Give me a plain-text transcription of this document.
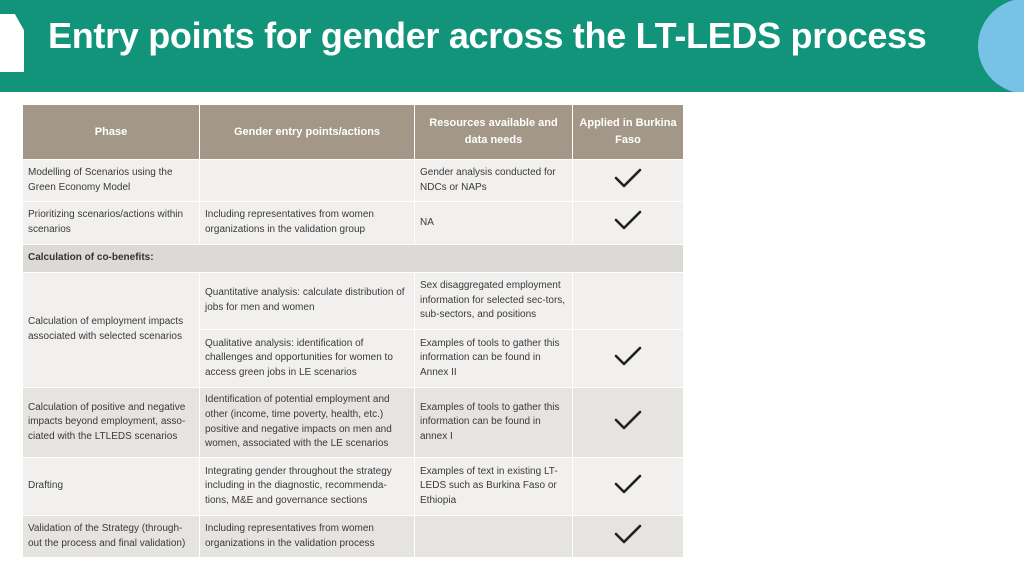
Entry points for gender across the LT-LEDS process
Phase	Gender entry points/actions	Resources available and data needs	Applied in Burkina Faso
Modelling of Scenarios using the Green Economy Model		Gender analysis conducted for NDCs or NAPs	
Prioritizing scenarios/actions within scenarios	Including representatives from women organizations in the validation group	NA	
Calculation of co-benefits:			
Calculation of employment impacts associated with selected scenarios	Quantitative analysis: calculate distribution of jobs for men and women	Sex disaggregated employment information for selected sec-tors, sub-sectors, and positions	
	Qualitative analysis: identification of challenges and opportunities for women to access green jobs in LE scenarios	Examples of tools to gather this information can be found in Annex II	
Calculation of positive and negative impacts beyond employment, asso-ciated with the LTLEDS scenarios	Identification of potential employment and other (income, time poverty, health, etc.) positive and negative impacts on men and women, associated with the LE scenarios	Examples of tools to gather this information can be found in annex I	
Drafting	Integrating gender throughout the strategy including in the diagnostic, recommenda-tions, M&E and governance sections	Examples of text in existing LT-LEDS such as Burkina Faso or Ethiopia	
Validation of the Strategy (through-out the process and final validation)	Including representatives from women organizations in the validation process		
